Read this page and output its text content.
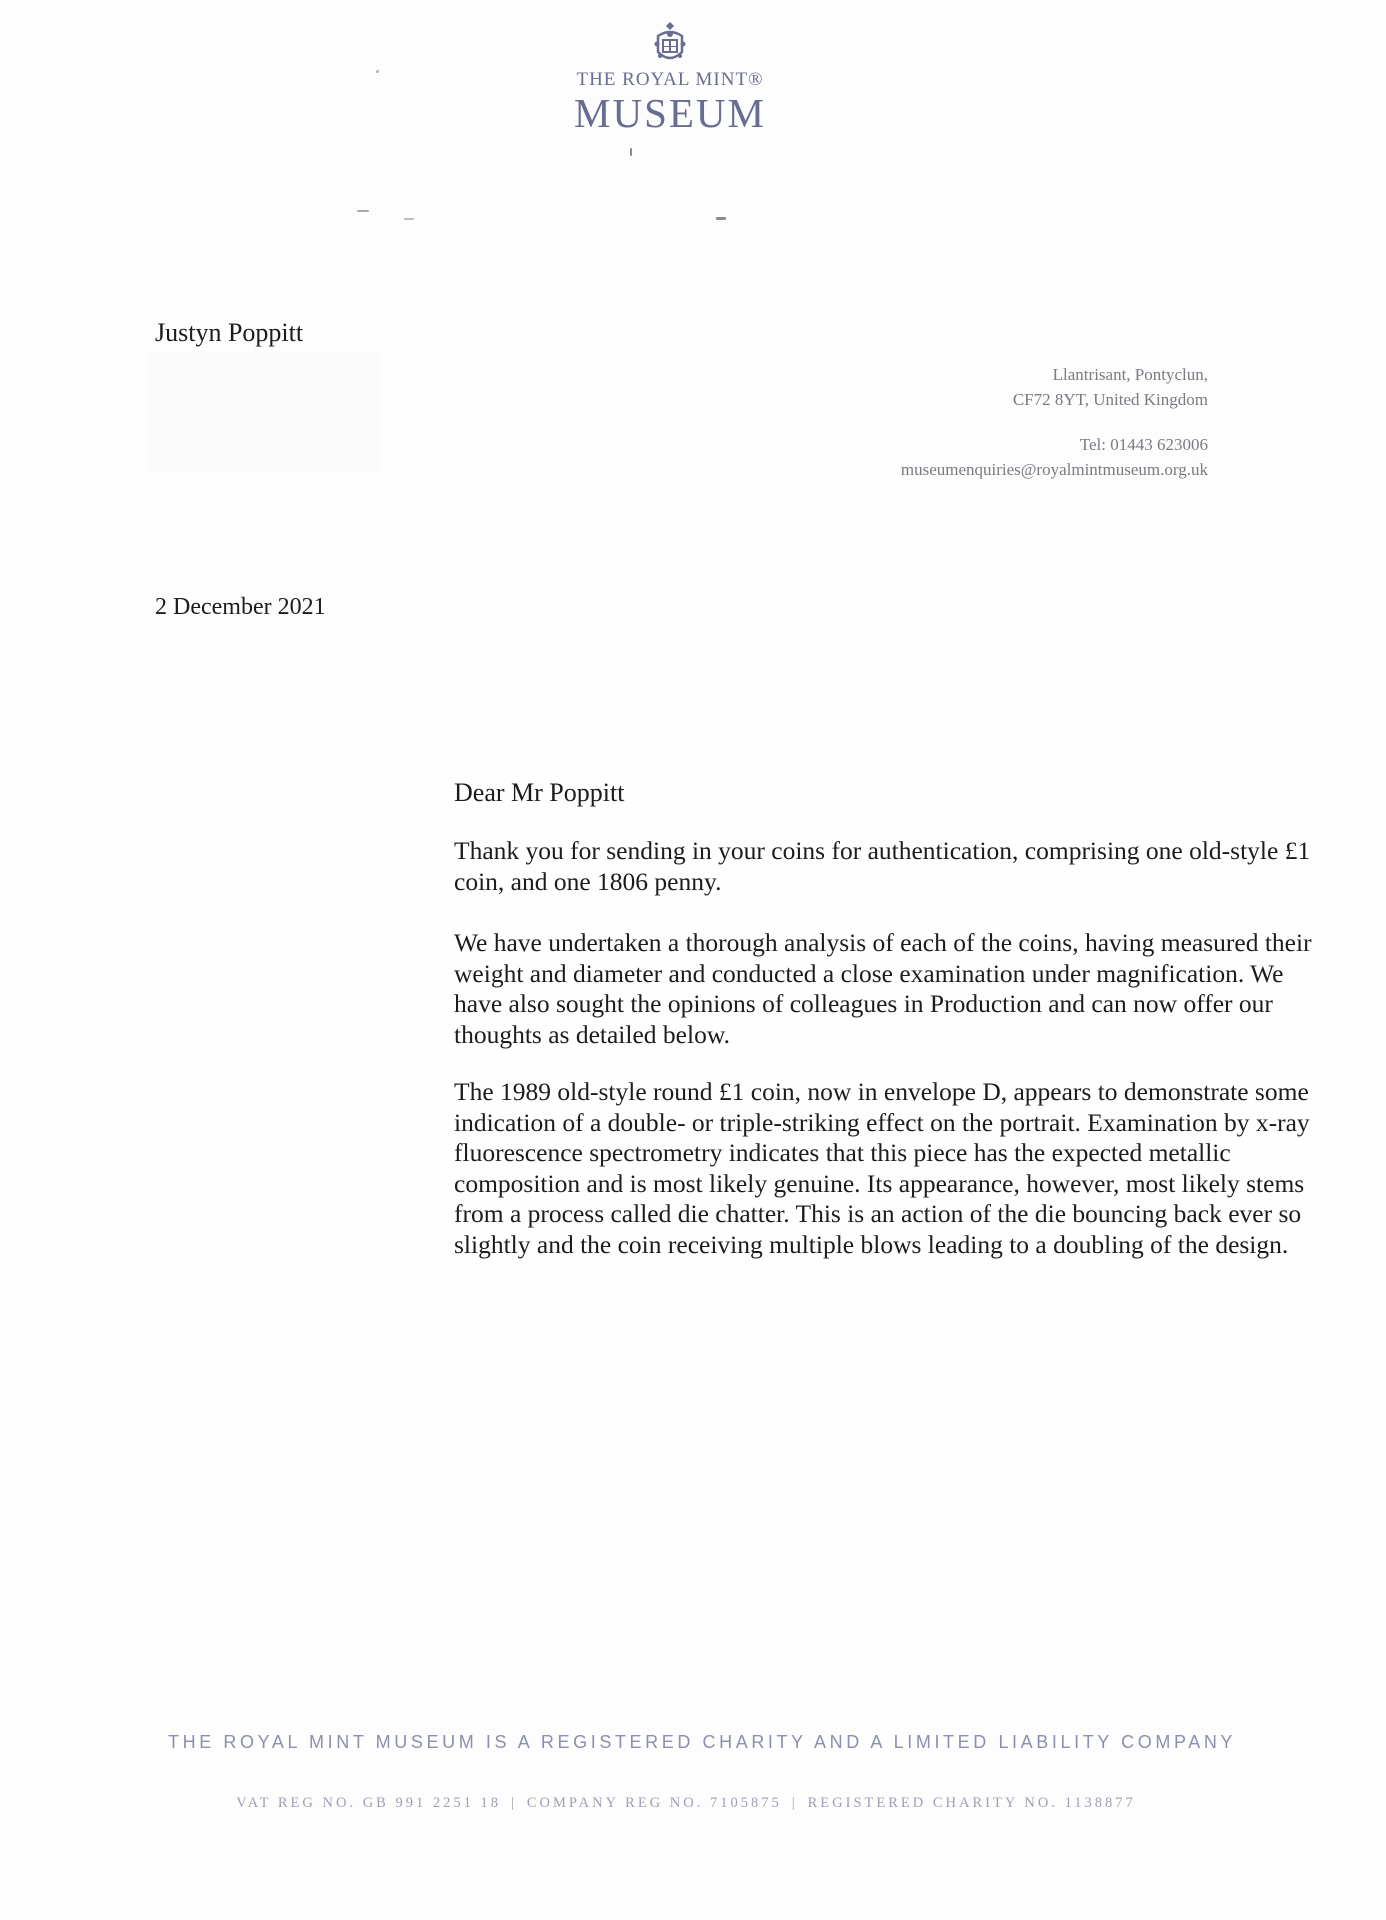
THE ROYAL MINT®
MUSEUM
Justyn Poppitt
Llantrisant, Pontyclun,
CF72 8YT, United Kingdom
Tel: 01443 623006
museumenquiries@royalmintmuseum.org.uk
2 December 2021
Dear Mr Poppitt

Thank you for sending in your coins for authentication, comprising one old-style £1 coin, and one 1806 penny.

We have undertaken a thorough analysis of each of the coins, having measured their weight and diameter and conducted a close examination under magnification. We have also sought the opinions of colleagues in Production and can now offer our thoughts as detailed below.

The 1989 old-style round £1 coin, now in envelope D, appears to demonstrate some indication of a double- or triple-striking effect on the portrait. Examination by x-ray fluorescence spectrometry indicates that this piece has the expected metallic composition and is most likely genuine. Its appearance, however, most likely stems from a process called die chatter. This is an action of the die bouncing back ever so slightly and the coin receiving multiple blows leading to a doubling of the design.

THE ROYAL MINT MUSEUM IS A REGISTERED CHARITY AND A LIMITED LIABILITY COMPANY
VAT REG NO. GB 991 2251 18 | COMPANY REG NO. 7105875 | REGISTERED CHARITY NO. 1138877
